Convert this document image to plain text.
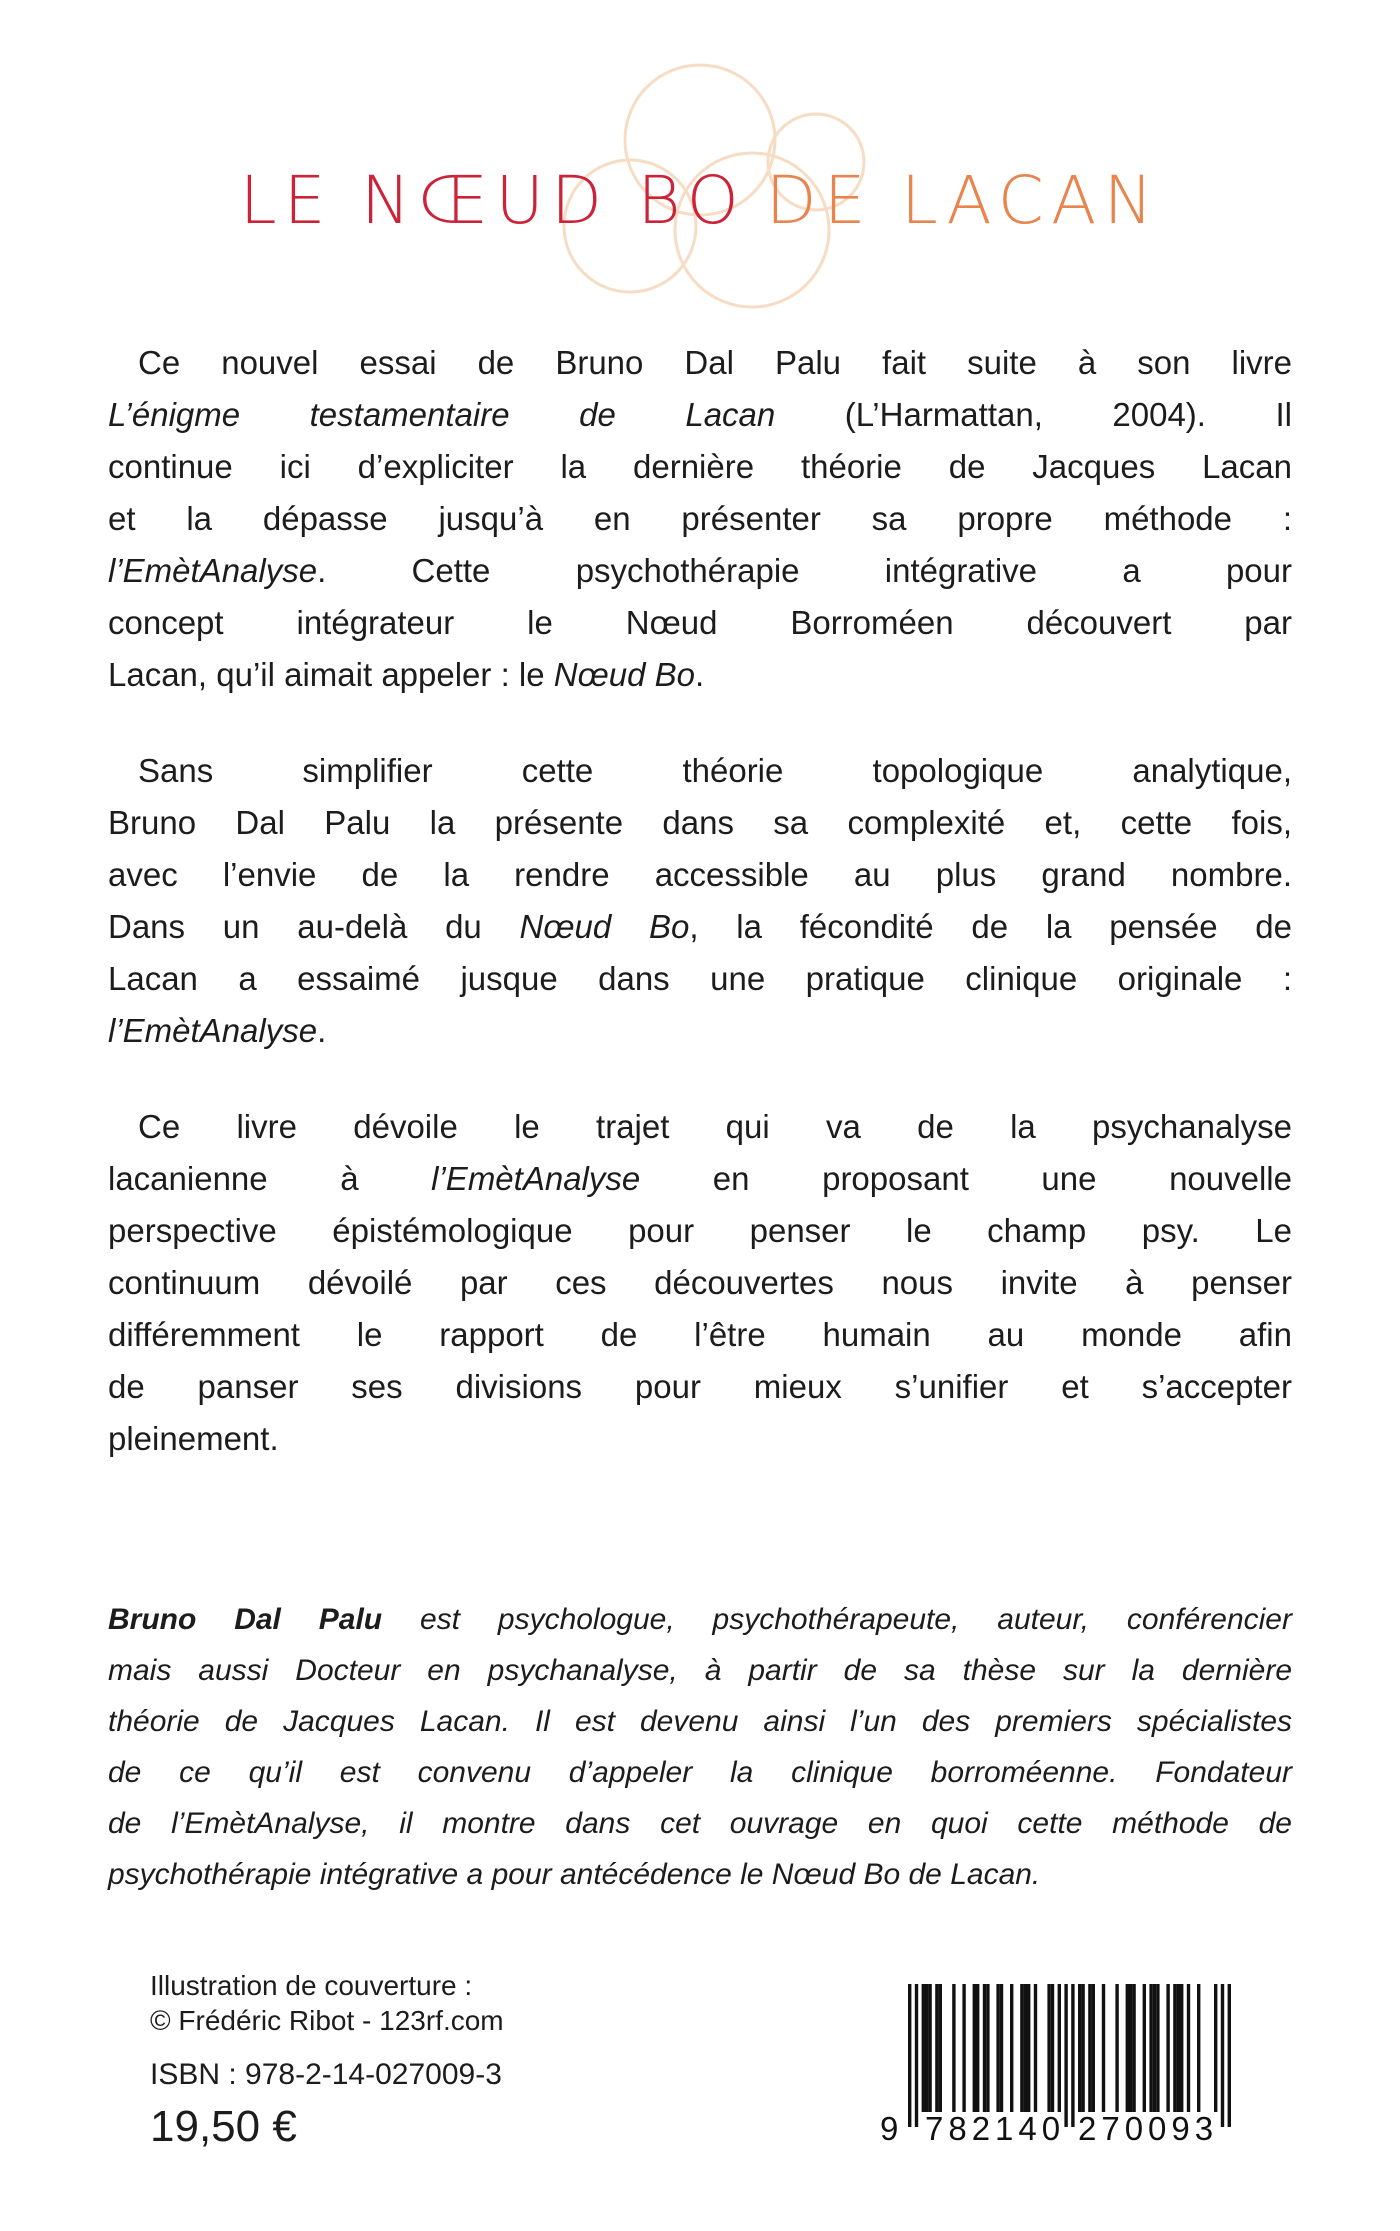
LE NŒUD BO DE LACAN
Ce nouvel essai de Bruno Dal Palu fait suite à son livre
L’énigme testamentaire de Lacan (L’Harmattan, 2004). Il
continue ici d’expliciter la dernière théorie de Jacques Lacan
et la dépasse jusqu’à en présenter sa propre méthode :
l’EmètAnalyse. Cette psychothérapie intégrative a pour
concept intégrateur le Nœud Borroméen découvert par
Lacan, qu’il aimait appeler : le Nœud Bo.
Sans simplifier cette théorie topologique analytique,
Bruno Dal Palu la présente dans sa complexité et, cette fois,
avec l’envie de la rendre accessible au plus grand nombre.
Dans un au-delà du Nœud Bo, la fécondité de la pensée de
Lacan a essaimé jusque dans une pratique clinique originale :
l’EmètAnalyse.
Ce livre dévoile le trajet qui va de la psychanalyse
lacanienne à l’EmètAnalyse en proposant une nouvelle
perspective épistémologique pour penser le champ psy. Le
continuum dévoilé par ces découvertes nous invite à penser
différemment le rapport de l’être humain au monde afin
de panser ses divisions pour mieux s’unifier et s’accepter
pleinement.
Bruno Dal Palu est psychologue, psychothérapeute, auteur, conférencier
mais aussi Docteur en psychanalyse, à partir de sa thèse sur la dernière
théorie de Jacques Lacan. Il est devenu ainsi l’un des premiers spécialistes
de ce qu’il est convenu d’appeler la clinique borroméenne. Fondateur
de l’EmètAnalyse, il montre dans cet ouvrage en quoi cette méthode de
psychothérapie intégrative a pour antécédence le Nœud Bo de Lacan.
Illustration de couverture :
© Frédéric Ribot - 123rf.com
ISBN : 978-2-14-027009-3
19,50 €	9 782140 270093
